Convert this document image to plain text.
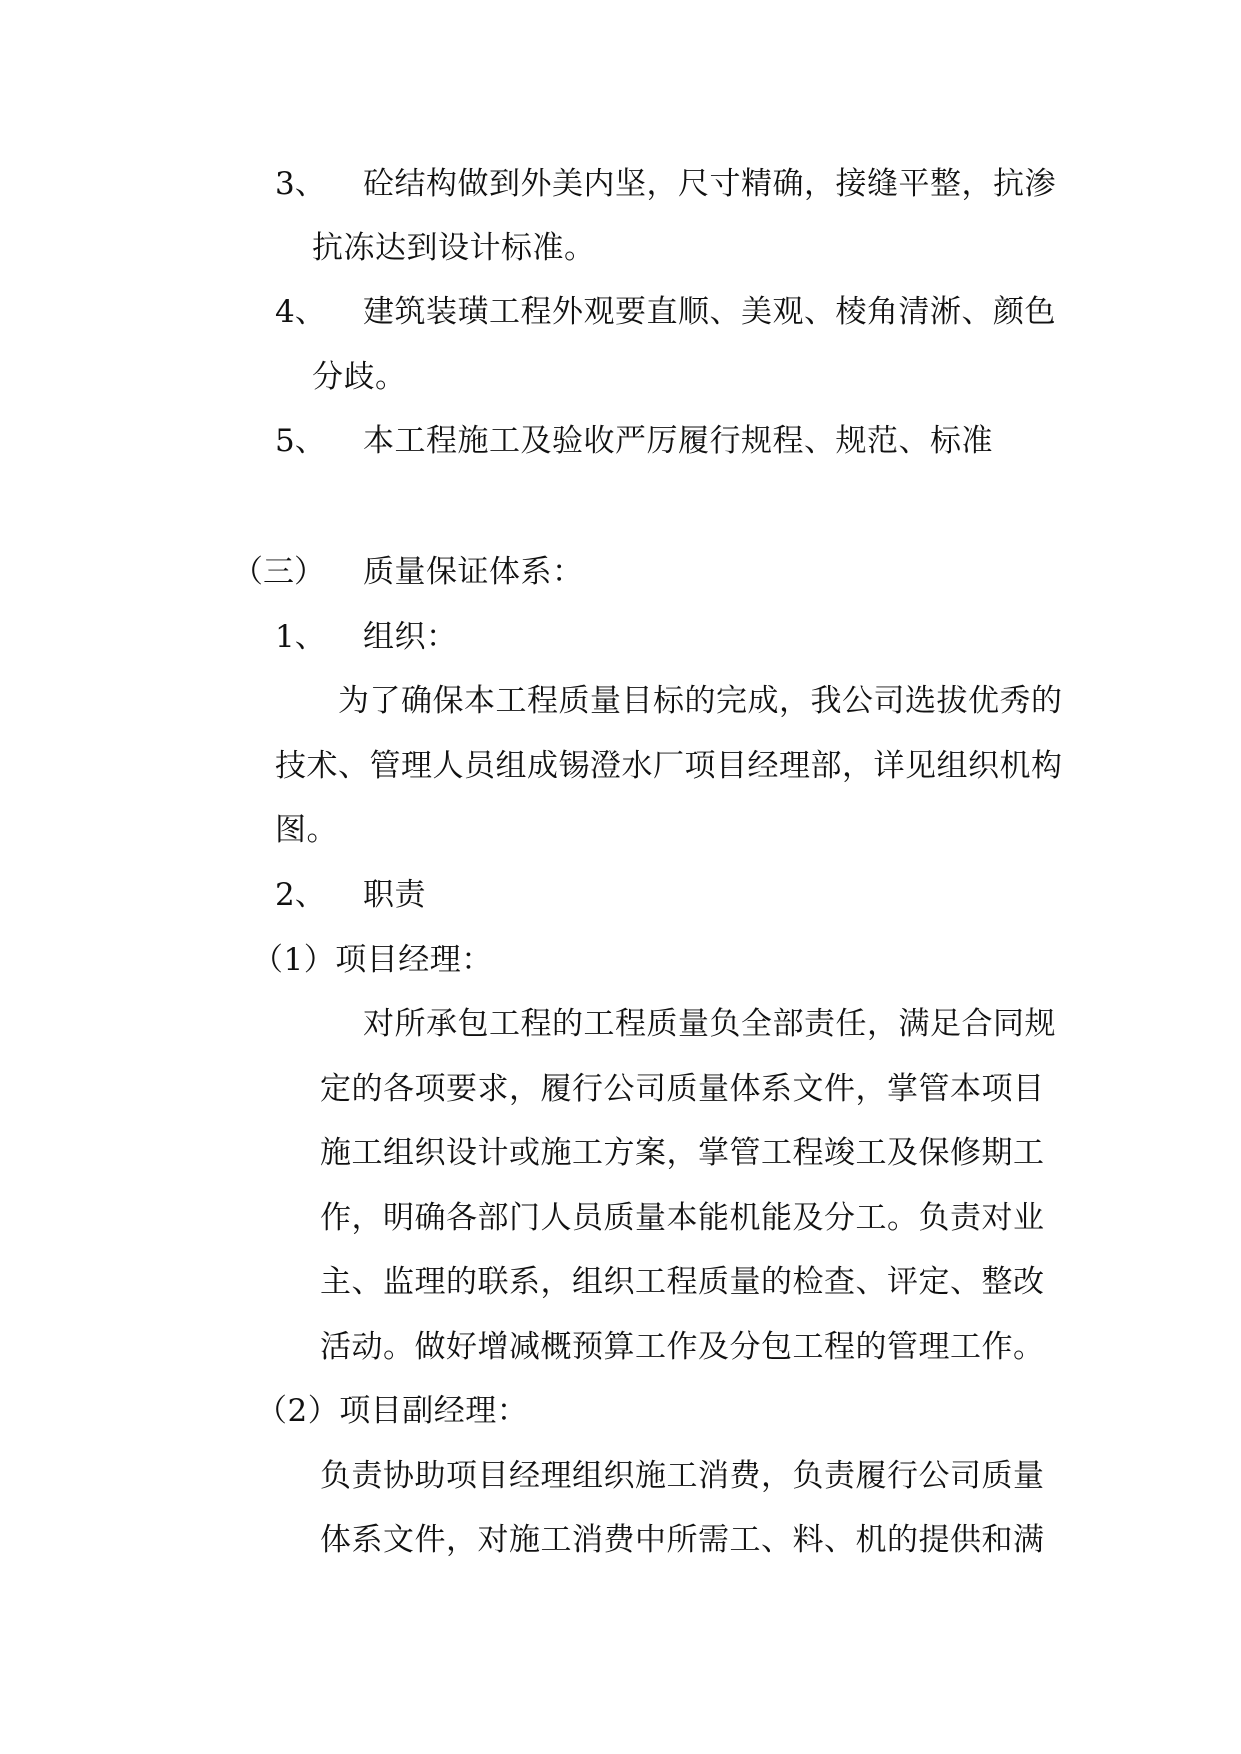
3、 砼结构做到外美内坚，尺寸精确，接缝平整，抗渗
抗冻达到设计标准。
4、 建筑装璜工程外观要直顺、美观、棱角清淅、颜色
分歧。
5、 本工程施工及验收严厉履行规程、规范、标准
（三） 质量保证体系：
1、 组织：
为了确保本工程质量目标的完成，我公司选拔优秀的
技术、管理人员组成锡澄水厂项目经理部，详见组织机构
图。
2、 职责
（1）项目经理：
对所承包工程的工程质量负全部责任，满足合同规
定的各项要求，履行公司质量体系文件，掌管本项目
施工组织设计或施工方案，掌管工程竣工及保修期工
作，明确各部门人员质量本能机能及分工。负责对业
主、监理的联系，组织工程质量的检查、评定、整改
活动。做好增减概预算工作及分包工程的管理工作。
（2）项目副经理：
负责协助项目经理组织施工消费，负责履行公司质量
体系文件，对施工消费中所需工、料、机的提供和满
